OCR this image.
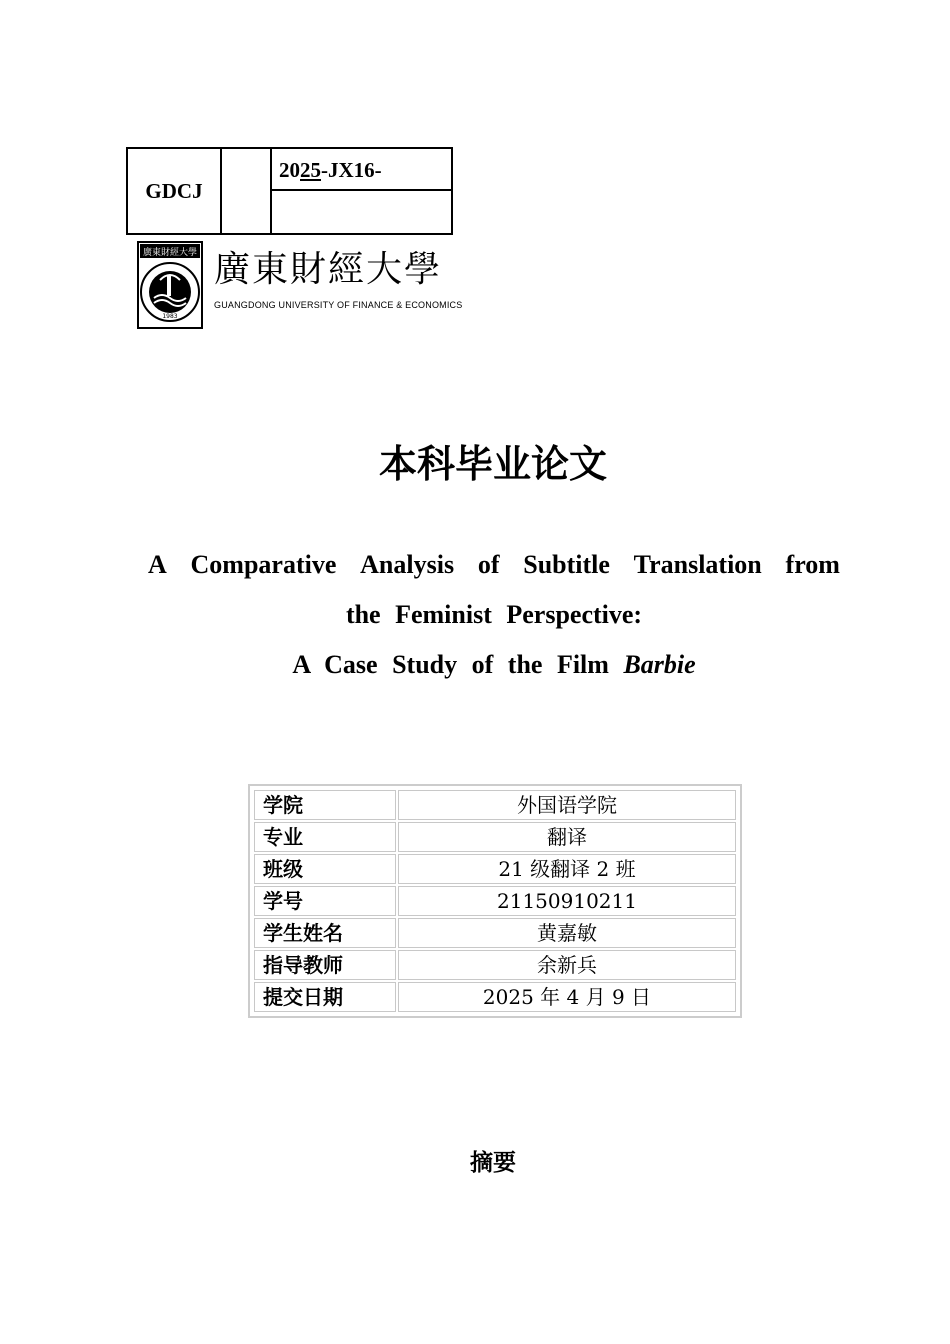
GDCJ
2025-JX16-
廣東財經大學
1983
廣東財經大學
GUANGDONG UNIVERSITY OF FINANCE & ECONOMICS
本科毕业论文
A Comparative Analysis of Subtitle Translation from
the Feminist Perspective:
A Case Study of the Film Barbie
学院	外国语学院
专业	翻译
班级	21 级翻译 2 班
学号	21150910211
学生姓名	黄嘉敏
指导教师	余新兵
提交日期	2025 年 4 月 9 日
摘要
